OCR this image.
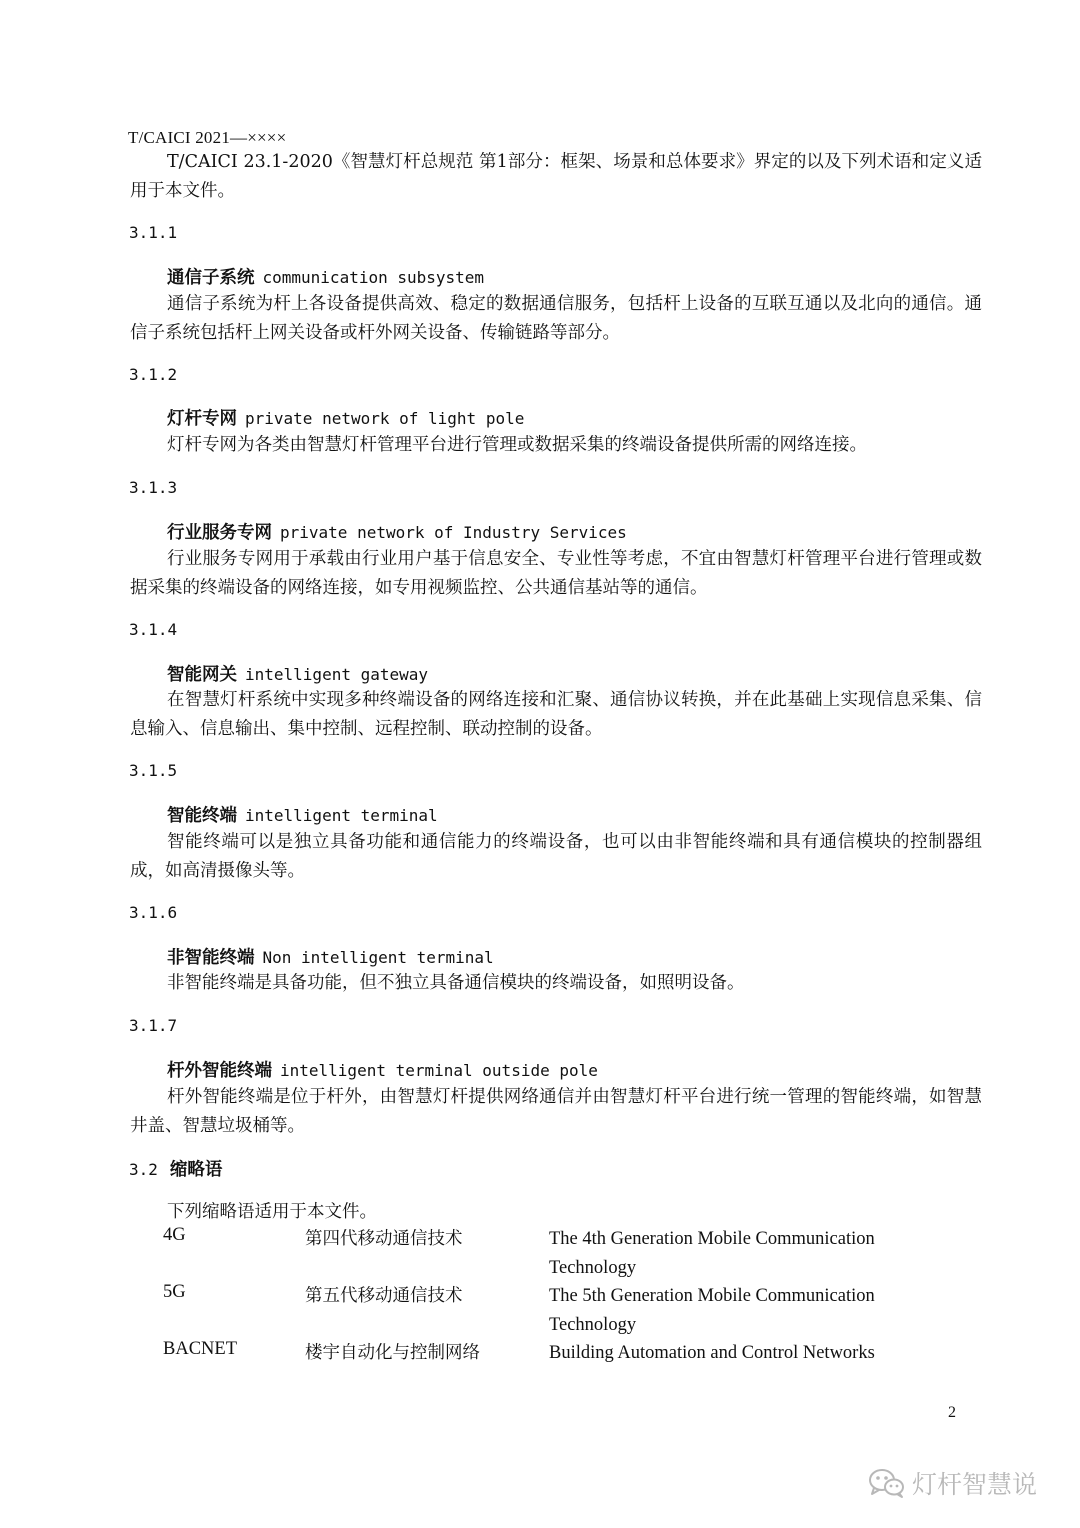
T/CAICI 2021—××××

T/CAICI 23.1-2020《智慧灯杆总规范 第1部分：框架、场景和总体要求》界定的以及下列术语和定义适用于本文件。

3.1.1
通信子系统 communication subsystem

通信子系统为杆上各设备提供高效、稳定的数据通信服务，包括杆上设备的互联互通以及北向的通信。通信子系统包括杆上网关设备或杆外网关设备、传输链路等部分。

3.1.2
灯杆专网 private network of light pole

灯杆专网为各类由智慧灯杆管理平台进行管理或数据采集的终端设备提供所需的网络连接。

3.1.3
行业服务专网 private network of Industry Services

行业服务专网用于承载由行业用户基于信息安全、专业性等考虑，不宜由智慧灯杆管理平台进行管理或数据采集的终端设备的网络连接，如专用视频监控、公共通信基站等的通信。

3.1.4
智能网关 intelligent gateway

在智慧灯杆系统中实现多种终端设备的网络连接和汇聚、通信协议转换，并在此基础上实现信息采集、信息输入、信息输出、集中控制、远程控制、联动控制的设备。

3.1.5
智能终端 intelligent terminal

智能终端可以是独立具备功能和通信能力的终端设备，也可以由非智能终端和具有通信模块的控制器组成，如高清摄像头等。

3.1.6
非智能终端 Non intelligent terminal

非智能终端是具备功能，但不独立具备通信模块的终端设备，如照明设备。

3.1.7
杆外智能终端 intelligent terminal outside pole

杆外智能终端是位于杆外，由智慧灯杆提供网络通信并由智慧灯杆平台进行统一管理的智能终端，如智慧井盖、智慧垃圾桶等。

3.2 缩略语
下列缩略语适用于本文件。
4G	第四代移动通信技术	The 4th Generation Mobile Communication Technology
5G	第五代移动通信技术	The 5th Generation Mobile Communication Technology
BACNET	楼宇自动化与控制网络	Building Automation and Control Networks
2
灯杆智慧说
